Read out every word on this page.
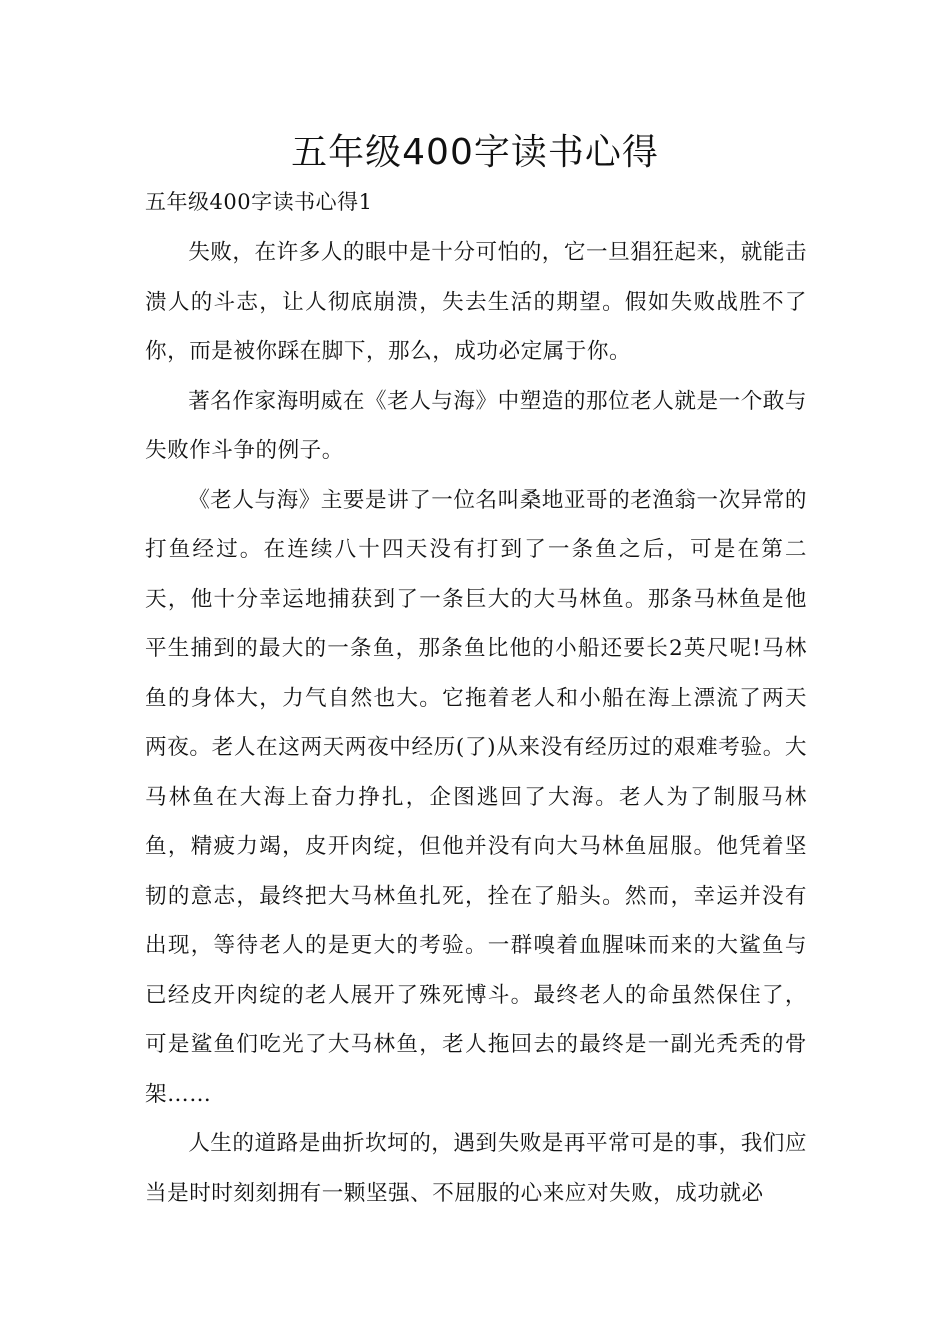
五年级400字读书心得

五年级400字读书心得1

失败，在许多人的眼中是十分可怕的，它一旦猖狂起来，就能击溃人的斗志，让人彻底崩溃，失去生活的期望。假如失败战胜不了你，而是被你踩在脚下，那么，成功必定属于你。

著名作家海明威在《老人与海》中塑造的那位老人就是一个敢与失败作斗争的例子。

《老人与海》主要是讲了一位名叫桑地亚哥的老渔翁一次异常的打鱼经过。在连续八十四天没有打到了一条鱼之后，可是在第二天，他十分幸运地捕获到了一条巨大的大马林鱼。那条马林鱼是他平生捕到的最大的一条鱼，那条鱼比他的小船还要长2英尺呢!马林鱼的身体大，力气自然也大。它拖着老人和小船在海上漂流了两天两夜。老人在这两天两夜中经历(了)从来没有经历过的艰难考验。大马林鱼在大海上奋力挣扎，企图逃回了大海。老人为了制服马林鱼，精疲力竭，皮开肉绽，但他并没有向大马林鱼屈服。他凭着坚韧的意志，最终把大马林鱼扎死，拴在了船头。然而，幸运并没有出现，等待老人的是更大的考验。一群嗅着血腥味而来的大鲨鱼与已经皮开肉绽的老人展开了殊死博斗。最终老人的命虽然保住了，可是鲨鱼们吃光了大马林鱼，老人拖回去的最终是一副光秃秃的骨架……

人生的道路是曲折坎坷的，遇到失败是再平常可是的事，我们应当是时时刻刻拥有一颗坚强、不屈服的心来应对失败，成功就必
